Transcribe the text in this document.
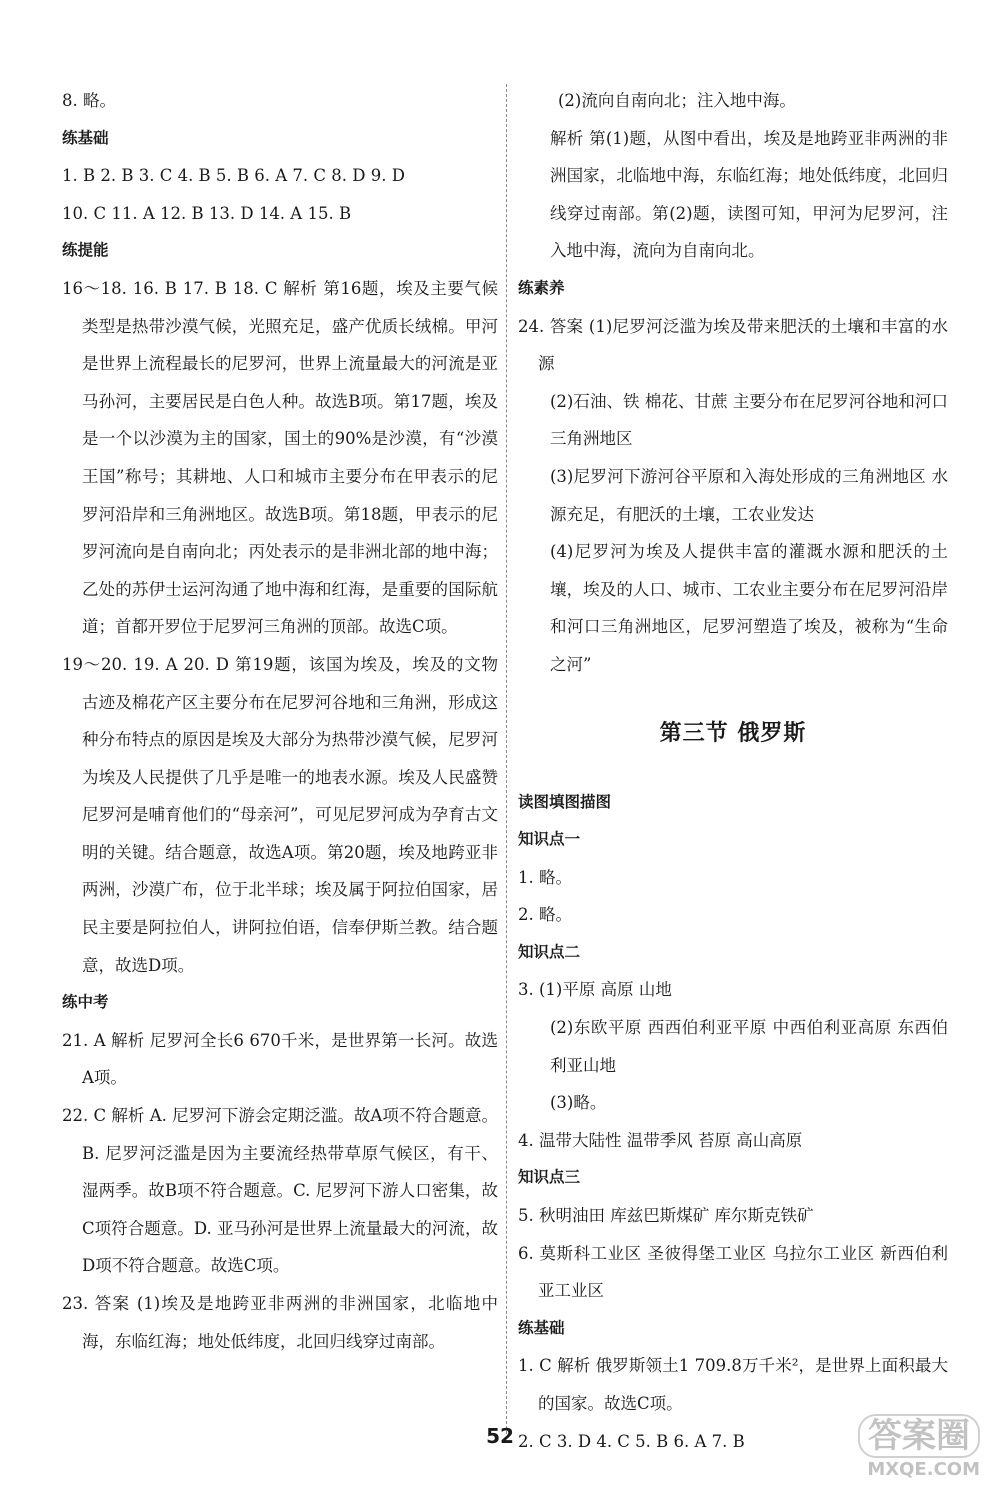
8. 略。

练基础

1. B 2. B 3. C 4. B 5. B 6. A 7. C 8. D 9. D

10. C 11. A 12. B 13. D 14. A 15. B

练提能

16～18. 16. B 17. B 18. C 解析 第16题，埃及主要气候类型是热带沙漠气候，光照充足，盛产优质长绒棉。甲河是世界上流程最长的尼罗河，世界上流量最大的河流是亚马孙河，主要居民是白色人种。故选B项。第17题，埃及是一个以沙漠为主的国家，国土的90%是沙漠，有“沙漠王国”称号；其耕地、人口和城市主要分布在甲表示的尼罗河沿岸和三角洲地区。故选B项。第18题，甲表示的尼罗河流向是自南向北；丙处表示的是非洲北部的地中海；乙处的苏伊士运河沟通了地中海和红海，是重要的国际航道；首都开罗位于尼罗河三角洲的顶部。故选C项。

19～20. 19. A 20. D 第19题，该国为埃及，埃及的文物古迹及棉花产区主要分布在尼罗河谷地和三角洲，形成这种分布特点的原因是埃及大部分为热带沙漠气候，尼罗河为埃及人民提供了几乎是唯一的地表水源。埃及人民盛赞尼罗河是哺育他们的“母亲河”，可见尼罗河成为孕育古文明的关键。结合题意，故选A项。第20题，埃及地跨亚非两洲，沙漠广布，位于北半球；埃及属于阿拉伯国家，居民主要是阿拉伯人，讲阿拉伯语，信奉伊斯兰教。结合题意，故选D项。

练中考

21. A 解析 尼罗河全长6 670千米，是世界第一长河。故选A项。

22. C 解析 A. 尼罗河下游会定期泛滥。故A项不符合题意。B. 尼罗河泛滥是因为主要流经热带草原气候区，有干、湿两季。故B项不符合题意。C. 尼罗河下游人口密集，故C项符合题意。D. 亚马孙河是世界上流量最大的河流，故D项不符合题意。故选C项。

23. 答案 (1)埃及是地跨亚非两洲的非洲国家，北临地中海，东临红海；地处低纬度，北回归线穿过南部。

(2)流向自南向北；注入地中海。

解析 第(1)题，从图中看出，埃及是地跨亚非两洲的非洲国家，北临地中海，东临红海；地处低纬度，北回归线穿过南部。第(2)题，读图可知，甲河为尼罗河，注入地中海，流向为自南向北。

练素养

24. 答案 (1)尼罗河泛滥为埃及带来肥沃的土壤和丰富的水源

(2)石油、铁 棉花、甘蔗 主要分布在尼罗河谷地和河口三角洲地区

(3)尼罗河下游河谷平原和入海处形成的三角洲地区 水源充足，有肥沃的土壤，工农业发达

(4)尼罗河为埃及人提供丰富的灌溉水源和肥沃的土壤，埃及的人口、城市、工农业主要分布在尼罗河沿岸和河口三角洲地区，尼罗河塑造了埃及，被称为“生命之河”

第三节 俄罗斯

读图填图描图

知识点一

1. 略。

2. 略。

知识点二

3. (1)平原 高原 山地

(2)东欧平原 西西伯利亚平原 中西伯利亚高原 东西伯利亚山地

(3)略。

4. 温带大陆性 温带季风 苔原 高山高原

知识点三

5. 秋明油田 库兹巴斯煤矿 库尔斯克铁矿

6. 莫斯科工业区 圣彼得堡工业区 乌拉尔工业区 新西伯利亚工业区

练基础

1. C 解析 俄罗斯领土1 709.8万千米²，是世界上面积最大的国家。故选C项。

2. C 3. D 4. C 5. B 6. A 7. B

52	答案圈
MXQE.COM
